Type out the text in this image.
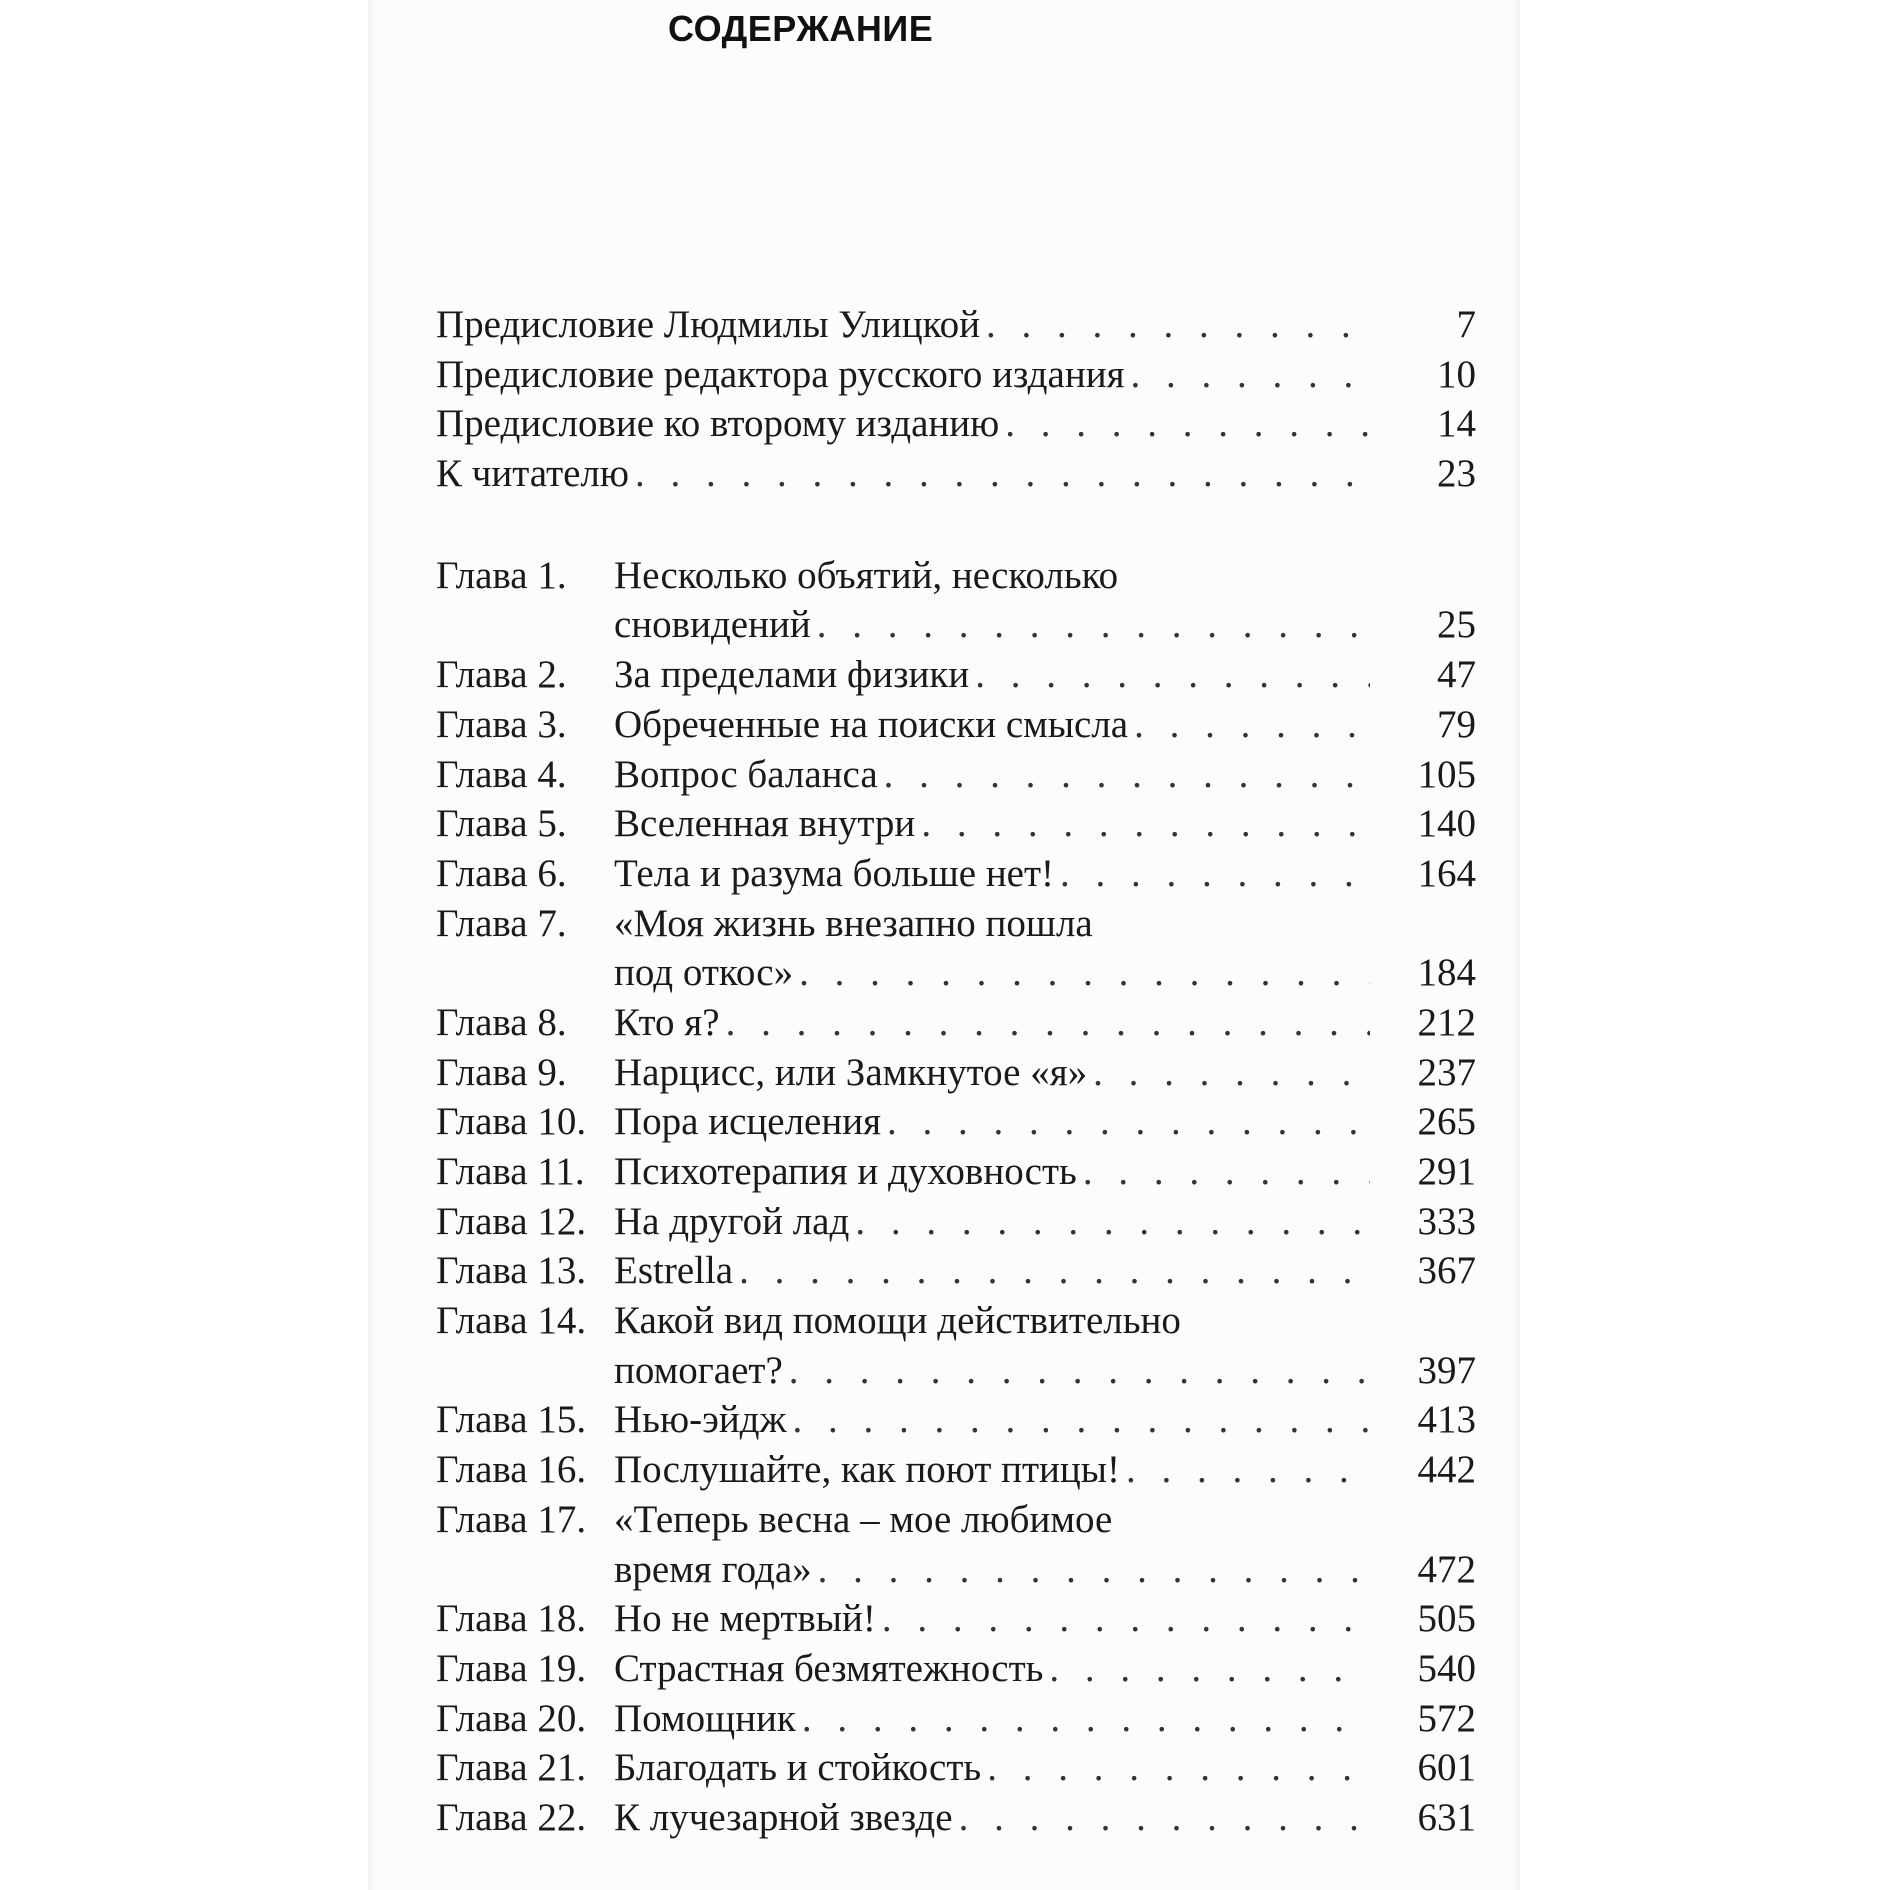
СОДЕРЖАНИЕ
Предисловие Людмилы Улицкой . . .	7
Предисловие редактора русского издания . . .	10
Предисловие ко второму изданию . . .	14
К читателю . . .	23
Глава 1.	Несколько объятий, несколько
сновидений . . .	25
Глава 2.	За пределами физики . . .	47
Глава 3.	Обреченные на поиски смысла . . .	79
Глава 4.	Вопрос баланса . . .	105
Глава 5.	Вселенная внутри . . .	140
Глава 6.	Тела и разума больше нет! . . .	164
Глава 7.	«Моя жизнь внезапно пошла
под откос» . . .	184
Глава 8.	Кто я? . . .	212
Глава 9.	Нарцисс, или Замкнутое «я» . . .	237
Глава 10. Пора исцеления . . .	265
Глава 11. Психотерапия и духовность . . .	291
Глава 12. На другой лад . . .	333
Глава 13. Estrella . . .	367
Глава 14. Какой вид помощи действительно
помогает? . . .	397
Глава 15. Нью-эйдж . . .	413
Глава 16. Послушайте, как поют птицы! . . .	442
Глава 17. «Теперь весна – мое любимое
время года» . . .	472
Глава 18. Но не мертвый! . . .	505
Глава 19. Страстная безмятежность . . .	540
Глава 20. Помощник . . .	572
Глава 21. Благодать и стойкость . . .	601
Глава 22. К лучезарной звезде . . .	631
